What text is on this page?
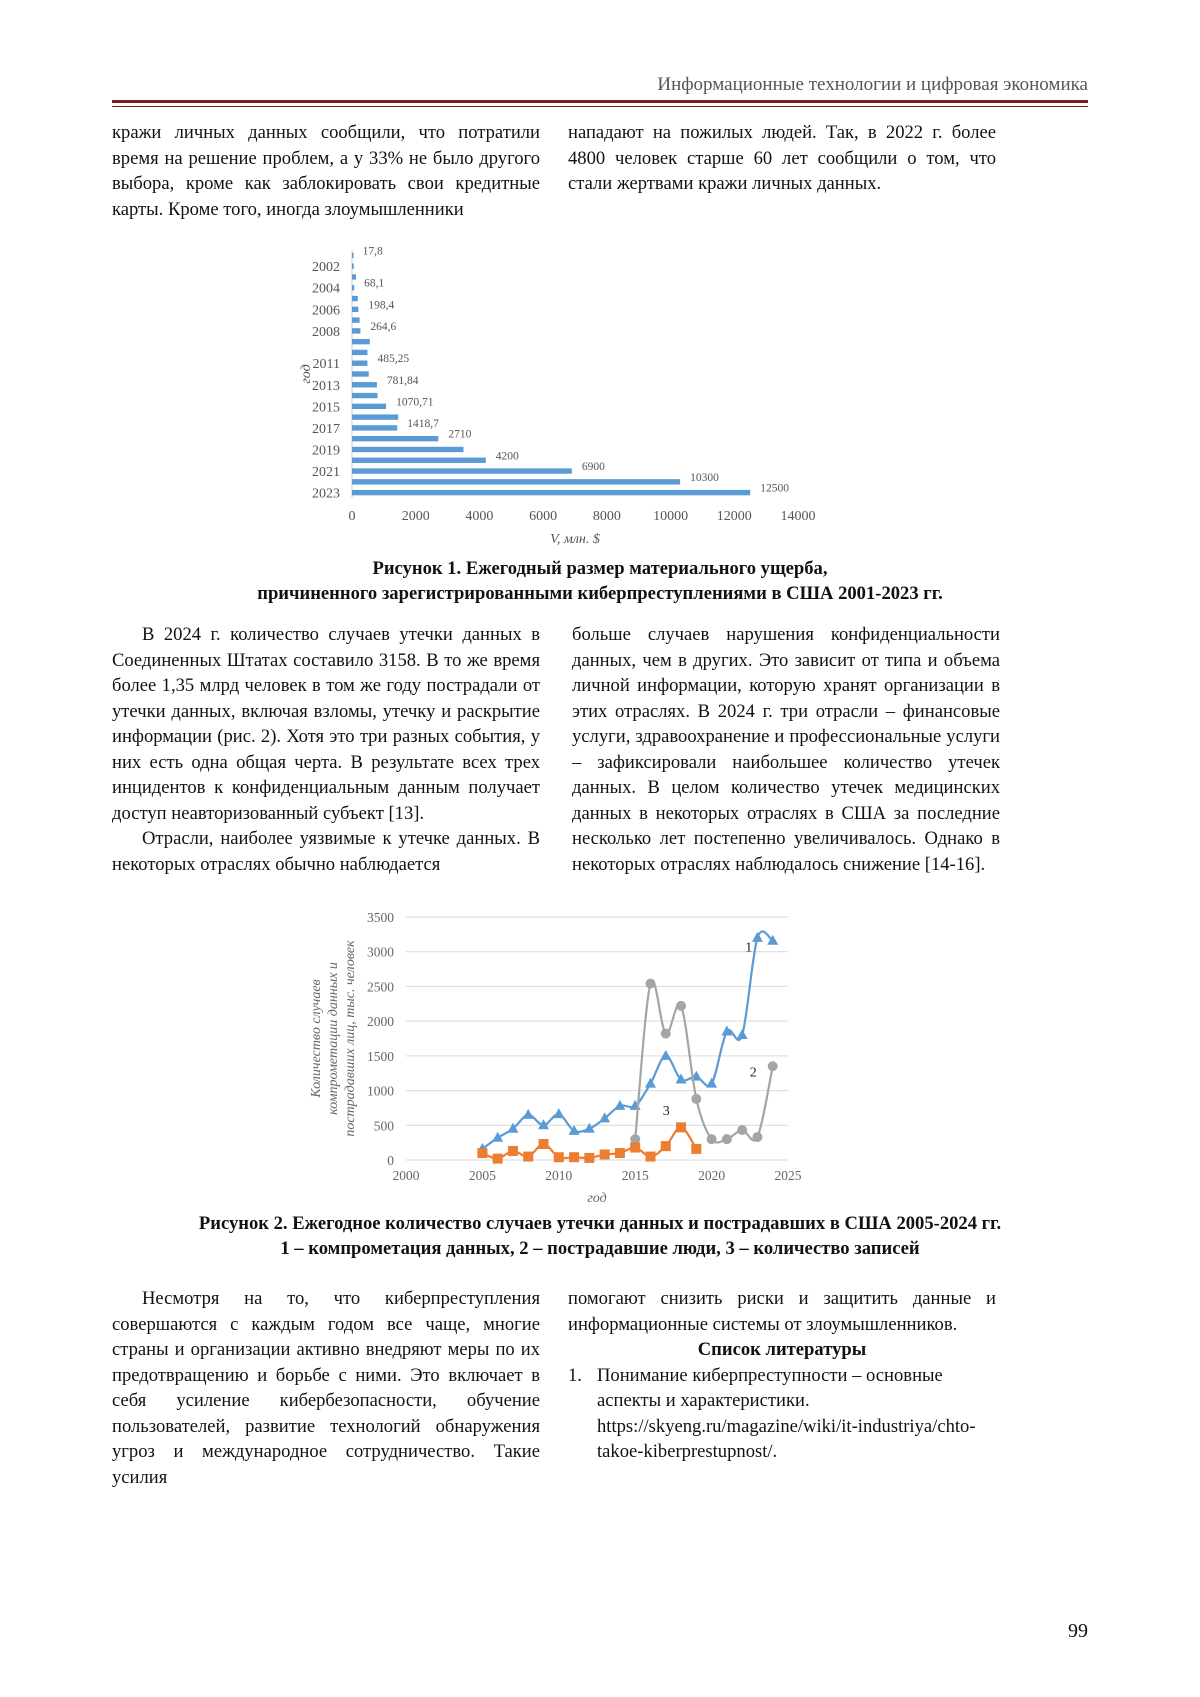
Информационные технологии и цифровая экономика

кражи личных данных сообщили, что потратили время на решение проблем, а у 33% не было другого выбора, кроме как заблокировать свои кредитные карты. Кроме того, иногда злоумышленники

нападают на пожилых людей. Так, в 2022 г. более 4800 человек старше 60 лет сообщили о том, что стали жертвами кражи личных данных.

17,8
2002
2004 68,1
2006 198,4
2008	264,6
2011	485,25
2013	781,84
2015	1070,71
2017	1418,7
2710
2019	4200
2021	6900
10300
2023	12500
0	2000	4000	6000	8000 10000 12000 14000
V, млн. $
год
Рисунок 1. Ежегодный размер материального ущерба,
причиненного зарегистрированными киберпреступлениями в США 2001-2023 гг.

В 2024 г. количество случаев утечки данных в Соединенных Штатах составило 3158. В то же время более 1,35 млрд человек в том же году пострадали от утечки данных, включая взломы, утечку и раскрытие информации (рис. 2). Хотя это три разных события, у них есть одна общая черта. В результате всех трех инцидентов к конфиденциальным данным получает доступ неавторизованный субъект [13].

Отрасли, наиболее уязвимые к утечке данных. В некоторых отраслях обычно наблюдается

больше случаев нарушения конфиденциальности данных, чем в других. Это зависит от типа и объема личной информации, которую хранят организации в этих отраслях. В 2024 г. три отрасли – финансовые услуги, здравоохранение и профессиональные услуги – зафиксировали наибольшее количество утечек данных. В целом количество утечек медицинских данных в некоторых отраслях в США за последние несколько лет постепенно увеличивалось. Однако в некоторых отраслях наблюдалось снижение [14-16].

0
500
1000
1500
2000
2500
3000
3500
2000	2005	2010	2015	2020	2025
год
Количество случаев компрометации данных и пострадавших лиц, тыс. человек	1
2
3
Рисунок 2. Ежегодное количество случаев утечки данных и пострадавших в США 2005-2024 гг.
1 – компрометация данных, 2 – пострадавшие люди, 3 – количество записей

Несмотря на то, что киберпреступления совершаются с каждым годом все чаще, многие страны и организации активно внедряют меры по их предотвращению и борьбе с ними. Это включает в себя усиление кибербезопасности, обучение пользователей, развитие технологий обнаружения угроз и международное сотрудничество. Такие усилия

помогают снизить риски и защитить данные и информационные системы от злоумышленников.

Список литературы
1. Понимание киберпреступности – основные аспекты и характеристики. https://skyeng.ru/magazine/wiki/it-industriya/chto-takoe-kiberprestupnost/.
99
